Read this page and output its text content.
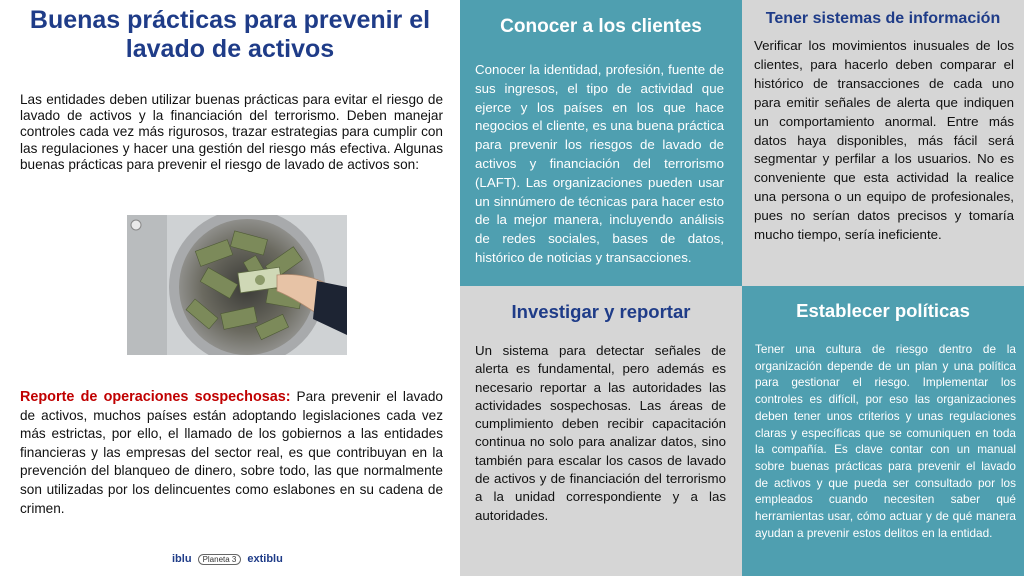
Buenas prácticas para prevenir el lavado de activos

Las entidades deben utilizar buenas prácticas para evitar el riesgo de lavado de activos y la financiación del terrorismo. Deben manejar controles cada vez más rigurosos, trazar estrategias para cumplir con las regulaciones y hacer una gestión del riesgo más efectiva. Algunas buenas prácticas para prevenir el riesgo de lavado de activos son:

Reporte de operaciones sospechosas: Para prevenir el lavado de activos, muchos países están adoptando legislaciones cada vez más estrictas, por ello, el llamado de los gobiernos a las entidades financieras y las empresas del sector real, es que contribuyan en la prevención del blanqueo de dinero, sobre todo, las que normalmente son utilizadas por los delincuentes como eslabones en su cadena de crimen.

iblu	Planeta 3	extiblu
Conocer a los clientes

Conocer la identidad, profesión, fuente de sus ingresos, el tipo de actividad que ejerce y los países en los que hace negocios el cliente, es una buena práctica para prevenir los riesgos de lavado de activos y financiación del terrorismo (LAFT). Las organizaciones pueden usar un sinnúmero de técnicas para hacer esto de la mejor manera, incluyendo análisis de redes sociales, bases de datos, histórico de noticias y transacciones.

Tener sistemas de información

Verificar los movimientos inusuales de los clientes, para hacerlo deben comparar el histórico de transacciones de cada uno para emitir señales de alerta que indiquen un comportamiento anormal. Entre más datos haya disponibles, más fácil será segmentar y perfilar a los usuarios. No es conveniente que esta actividad la realice una persona o un equipo de profesionales, pues no serían datos precisos y tomaría mucho tiempo, sería ineficiente.

Investigar y reportar

Un sistema para detectar señales de alerta es fundamental, pero además es necesario reportar a las autoridades las actividades sospechosas. Las áreas de cumplimiento deben recibir capacitación continua no solo para analizar datos, sino también para escalar los casos de lavado de activos y de financiación del terrorismo a la unidad correspondiente y a las autoridades.

Establecer políticas

Tener una cultura de riesgo dentro de la organización depende de un plan y una política para gestionar el riesgo. Implementar los controles es difícil, por eso las organizaciones deben tener unos criterios y unas regulaciones claras y específicas que se comuniquen en toda la compañía. Es clave contar con un manual sobre buenas prácticas para prevenir el lavado de activos y que pueda ser consultado por los empleados cuando necesiten saber qué herramientas usar, cómo actuar y de qué manera ayudan a prevenir estos delitos en la entidad.
